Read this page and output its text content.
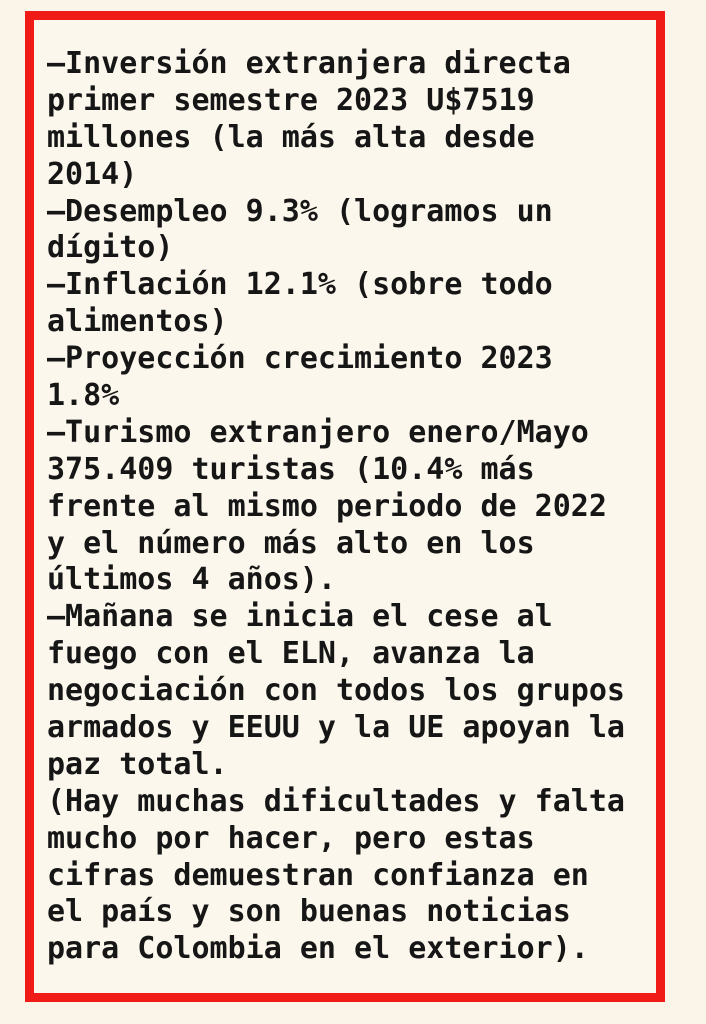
–Inversión extranjera directa
primer semestre 2023 U$7519
millones (la más alta desde
2014)
–Desempleo 9.3% (logramos un
dígito)
–Inflación 12.1% (sobre todo
alimentos)
–Proyección crecimiento 2023
1.8%
–Turismo extranjero enero/Mayo
375.409 turistas (10.4% más
frente al mismo periodo de 2022
y el número más alto en los
últimos 4 años).
–Mañana se inicia el cese al
fuego con el ELN, avanza la
negociación con todos los grupos
armados y EEUU y la UE apoyan la
paz total.
(Hay muchas dificultades y falta
mucho por hacer, pero estas
cifras demuestran confianza en
el país y son buenas noticias
para Colombia en el exterior).
